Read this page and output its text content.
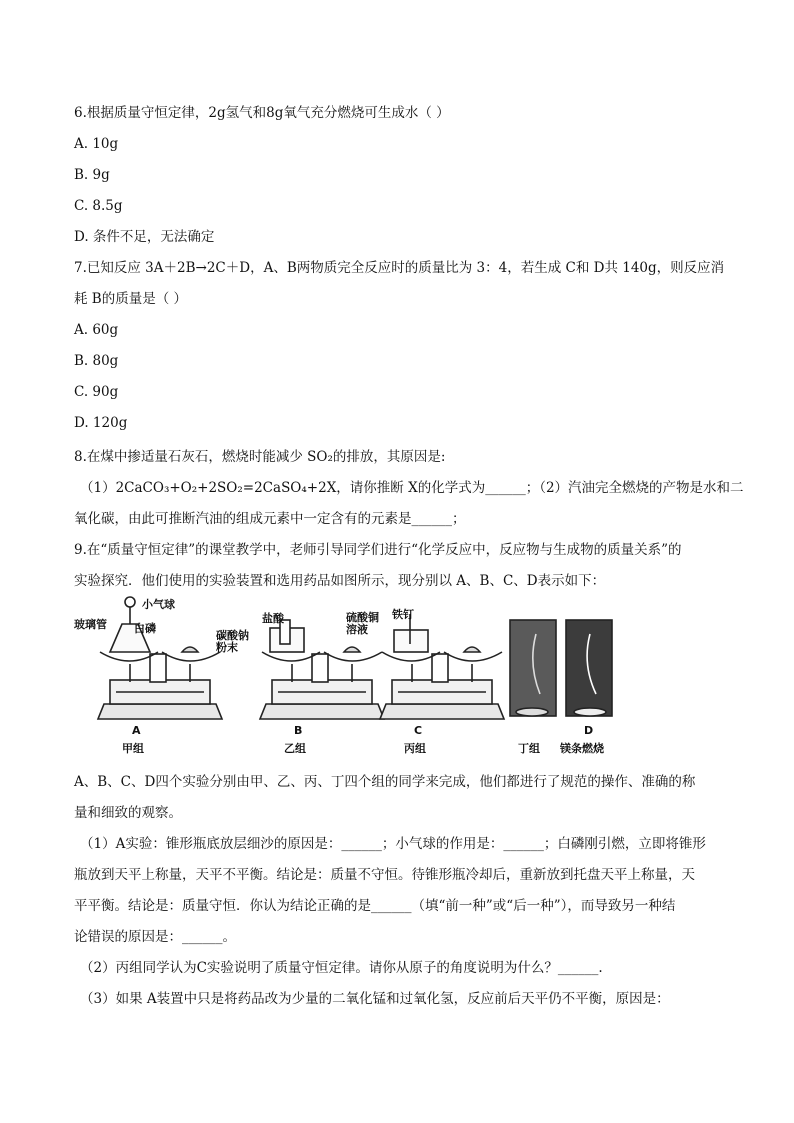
6.根据质量守恒定律，2g氢气和8g氧气充分燃烧可生成水（ ）
A. 10g
B. 9g
C. 8.5g
D. 条件不足，无法确定
7.已知反应 3A＋2B→2C＋D，A、B两物质完全反应时的质量比为 3：4，若生成 C和 D共 140g，则反应消
耗 B的质量是（ ）
A. 60g
B. 80g
C. 90g
D. 120g
8.在煤中掺适量石灰石，燃烧时能减少 SO₂的排放，其原因是:
（1）2CaCO₃+O₂+2SO₂=2CaSO₄+2X，请你推断 X的化学式为______；（2）汽油完全燃烧的产物是水和二
氧化碳，由此可推断汽油的组成元素中一定含有的元素是______；
9.在“质量守恒定律”的课堂教学中，老师引导同学们进行“化学反应中，反应物与生成物的质量关系”的
实验探究．他们使用的实验装置和选用药品如图所示，现分别以 A、B、C、D表示如下：
小气球
玻璃管 白磷
盐酸
碳酸钠
粉末
铁钉
硫酸铜
溶液
A
甲组
B
乙组
C
丙组
D
丁组 镁条燃烧
A、B、C、D四个实验分别由甲、乙、丙、丁四个组的同学来完成，他们都进行了规范的操作、准确的称
量和细致的观察。
（1）A实验：锥形瓶底放层细沙的原因是：______；小气球的作用是：______；白磷刚引燃，立即将锥形
瓶放到天平上称量，天平不平衡。结论是：质量不守恒。待锥形瓶冷却后，重新放到托盘天平上称量，天
平平衡。结论是：质量守恒．你认为结论正确的是______（填“前一种”或“后一种”），而导致另一种结
论错误的原因是：______。
（2）丙组同学认为C实验说明了质量守恒定律。请你从原子的角度说明为什么？______.
（3）如果 A装置中只是将药品改为少量的二氧化锰和过氧化氢，反应前后天平仍不平衡，原因是：
